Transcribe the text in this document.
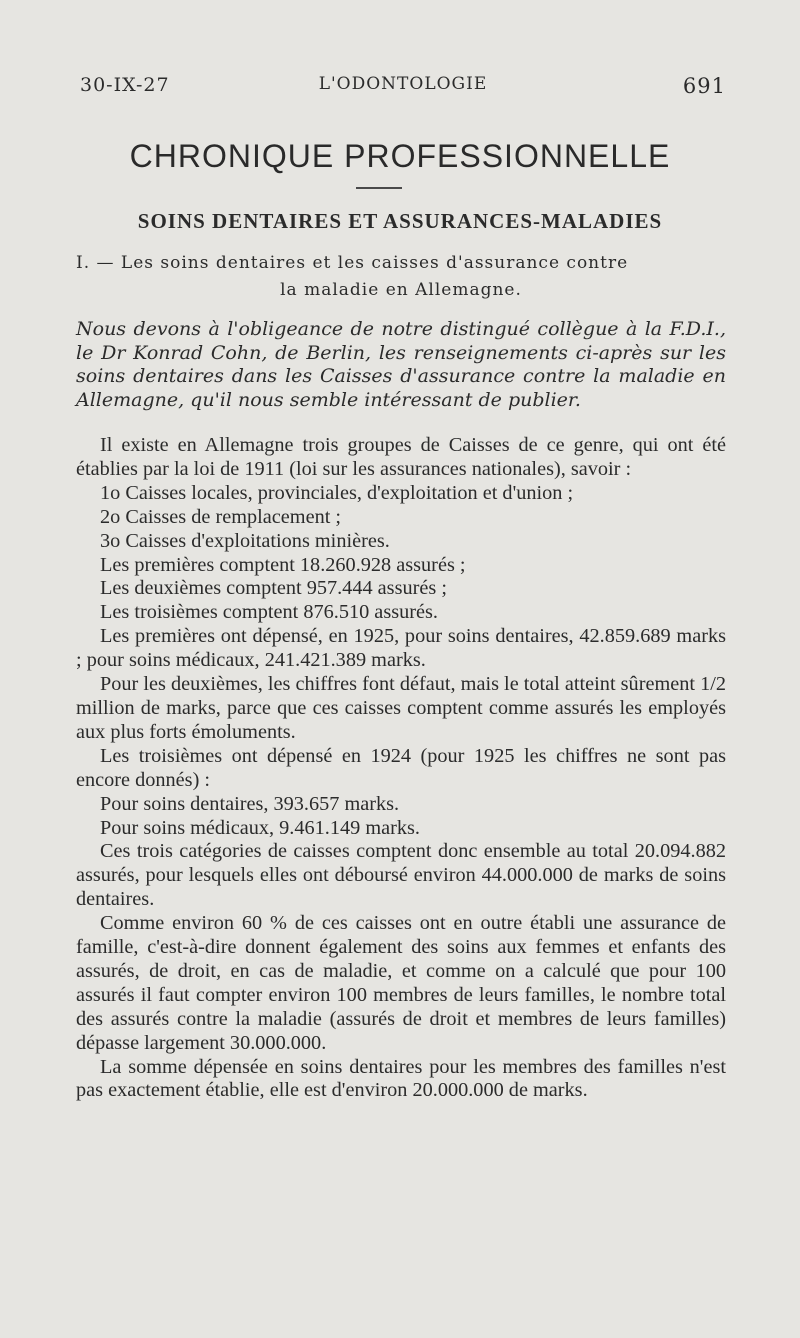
30-IX-27	L'ODONTOLOGIE	691
CHRONIQUE PROFESSIONNELLE
SOINS DENTAIRES ET ASSURANCES-MALADIES
I. — Les soins dentaires et les caisses d'assurance contre
la maladie en Allemagne.
Nous devons à l'obligeance de notre distingué collègue à la F.D.I., le Dr Konrad Cohn, de Berlin, les renseignements ci-après sur les soins dentaires dans les Caisses d'assurance contre la maladie en Allemagne, qu'il nous semble intéressant de publier.

Il existe en Allemagne trois groupes de Caisses de ce genre, qui ont été établies par la loi de 1911 (loi sur les assurances nationales), savoir :

1o Caisses locales, provinciales, d'exploitation et d'union ;

2o Caisses de remplacement ;

3o Caisses d'exploitations minières.

Les premières comptent 18.260.928 assurés ;

Les deuxièmes comptent 957.444 assurés ;

Les troisièmes comptent 876.510 assurés.

Les premières ont dépensé, en 1925, pour soins dentaires, 42.859.689 marks ; pour soins médicaux, 241.421.389 marks.

Pour les deuxièmes, les chiffres font défaut, mais le total atteint sûrement 1/2 million de marks, parce que ces caisses comptent comme assurés les employés aux plus forts émoluments.

Les troisièmes ont dépensé en 1924 (pour 1925 les chiffres ne sont pas encore donnés) :

Pour soins dentaires, 393.657 marks.

Pour soins médicaux, 9.461.149 marks.

Ces trois catégories de caisses comptent donc ensemble au total 20.094.882 assurés, pour lesquels elles ont déboursé environ 44.000.000 de marks de soins dentaires.

Comme environ 60 % de ces caisses ont en outre établi une assurance de famille, c'est-à-dire donnent également des soins aux femmes et enfants des assurés, de droit, en cas de maladie, et comme on a calculé que pour 100 assurés il faut compter environ 100 membres de leurs familles, le nombre total des assurés contre la maladie (assurés de droit et membres de leurs familles) dépasse largement 30.000.000.

La somme dépensée en soins dentaires pour les membres des familles n'est pas exactement établie, elle est d'environ 20.000.000 de marks.
